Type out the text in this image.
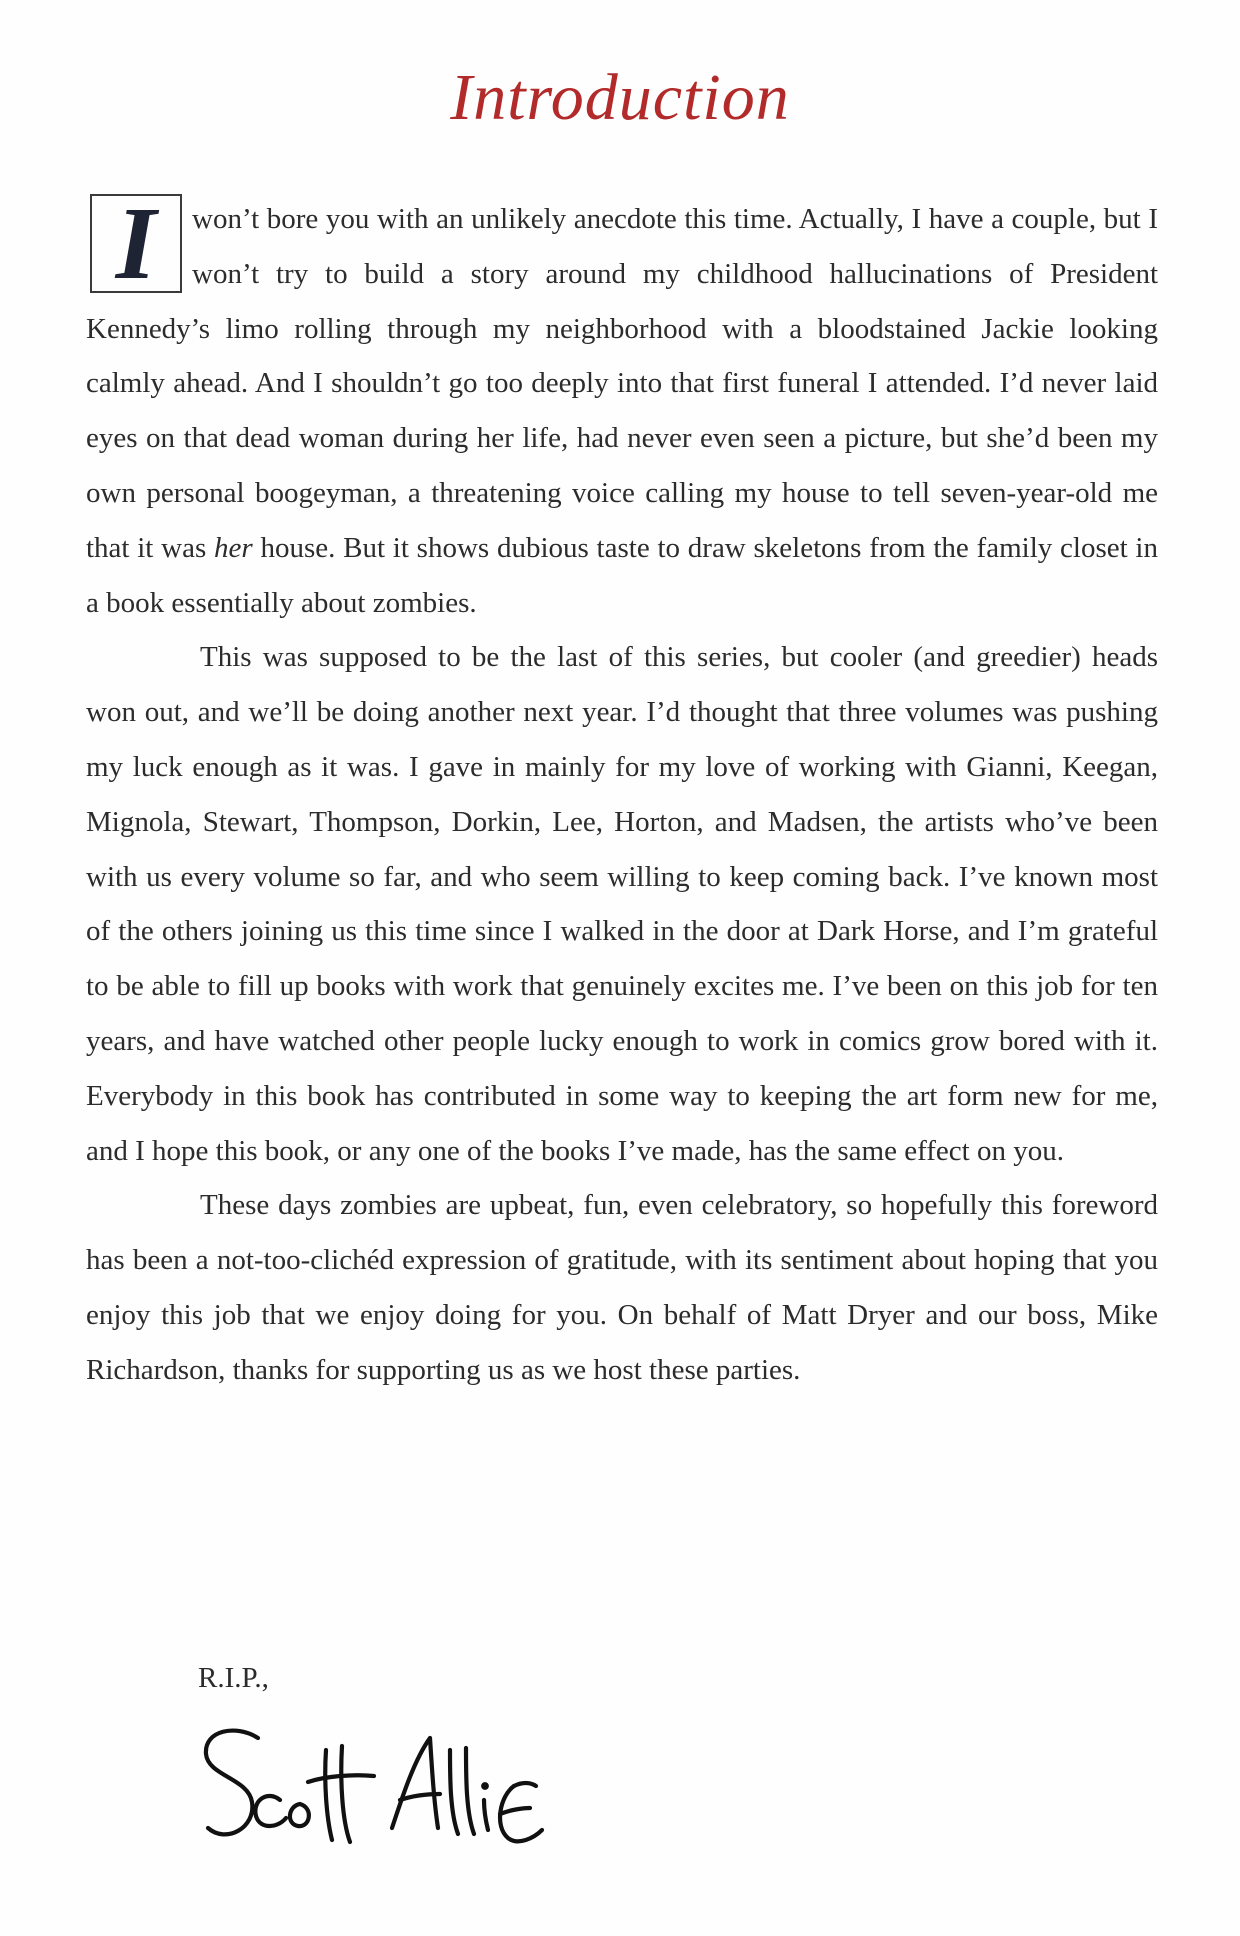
Introduction

I	won’t bore you with an unlikely anecdote this time. Actually, I have a couple, but I won’t try to build a story around my childhood hallucinations of President Kennedy’s limo rolling through my neighborhood with a bloodstained Jackie looking calmly ahead. And I shouldn’t go too deeply into that first funeral I attended. I’d never laid eyes on that dead woman during her life, had never even seen a picture, but she’d been my own personal boogeyman, a threatening voice calling my house to tell seven-year-old me that it was her house. But it shows dubious taste to draw skeletons from the family closet in a book essentially about zombies.

This was supposed to be the last of this series, but cooler (and greedier) heads won out, and we’ll be doing another next year. I’d thought that three volumes was pushing my luck enough as it was. I gave in mainly for my love of working with Gianni, Keegan, Mignola, Stewart, Thompson, Dorkin, Lee, Horton, and Madsen, the artists who’ve been with us every volume so far, and who seem willing to keep coming back. I’ve known most of the others joining us this time since I walked in the door at Dark Horse, and I’m grateful to be able to fill up books with work that genuinely excites me. I’ve been on this job for ten years, and have watched other people lucky enough to work in comics grow bored with it. Everybody in this book has contributed in some way to keeping the art form new for me, and I hope this book, or any one of the books I’ve made, has the same effect on you.

These days zombies are upbeat, fun, even celebratory, so hopefully this foreword has been a not-too-clichéd expression of gratitude, with its sentiment about hoping that you enjoy this job that we enjoy doing for you. On behalf of Matt Dryer and our boss, Mike Richardson, thanks for supporting us as we host these parties.

R.I.P.,
